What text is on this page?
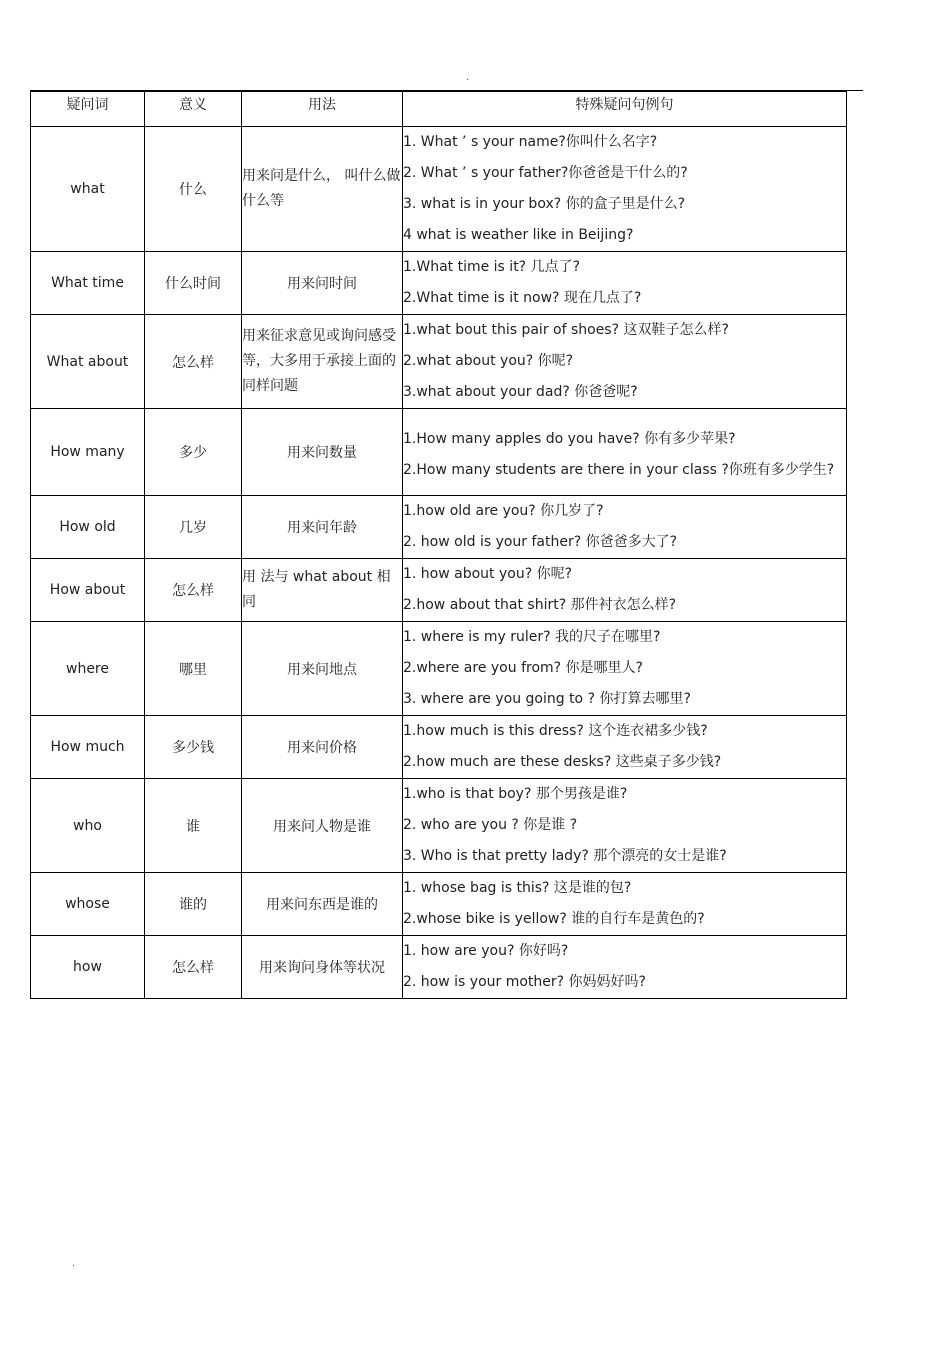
.
疑问词	意义	用法	特殊疑问句例句
what	什么	用来问是什么， 叫什么做什么等	1. What ’ s your name?你叫什么名字?
2. What ’ s your father?你爸爸是干什么的?
3. what is in your box? 你的盒子里是什么?
4 what is weather like in Beijing?

What time	什么时间	用来问时间	1.What time is it? 几点了?
2.What time is it now? 现在几点了?

What about	怎么样	用来征求意见或询问感受等，大多用于承接上面的同样问题	1.what bout this pair of shoes? 这双鞋子怎么样?
2.what about you? 你呢?
3.what about your dad? 你爸爸呢?

How many	多少	用来问数量	1.How many apples do you have? 你有多少苹果?
2.How many students are there in your class ?你班有多少学生?

How old	几岁	用来问年龄	1.how old are you? 你几岁了?
2. how old is your father? 你爸爸多大了?

How about	怎么样	用 法与 what about 相同	1. how about you? 你呢?
2.how about that shirt? 那件衬衣怎么样?

where	哪里	用来问地点	1. where is my ruler? 我的尺子在哪里?
2.where are you from? 你是哪里人?
3. where are you going to ? 你打算去哪里?

How much	多少钱	用来问价格	1.how much is this dress? 这个连衣裙多少钱?
2.how much are these desks? 这些桌子多少钱?

who	谁	用来问人物是谁	1.who is that boy? 那个男孩是谁?
2. who are you ? 你是谁 ?
3. Who is that pretty lady? 那个漂亮的女士是谁?

whose	谁的	用来问东西是谁的	1. whose bag is this? 这是谁的包?
2.whose bike is yellow? 谁的自行车是黄色的?

how	怎么样	用来询问身体等状况	1. how are you? 你好吗?
2. how is your mother? 你妈妈好吗?
.
